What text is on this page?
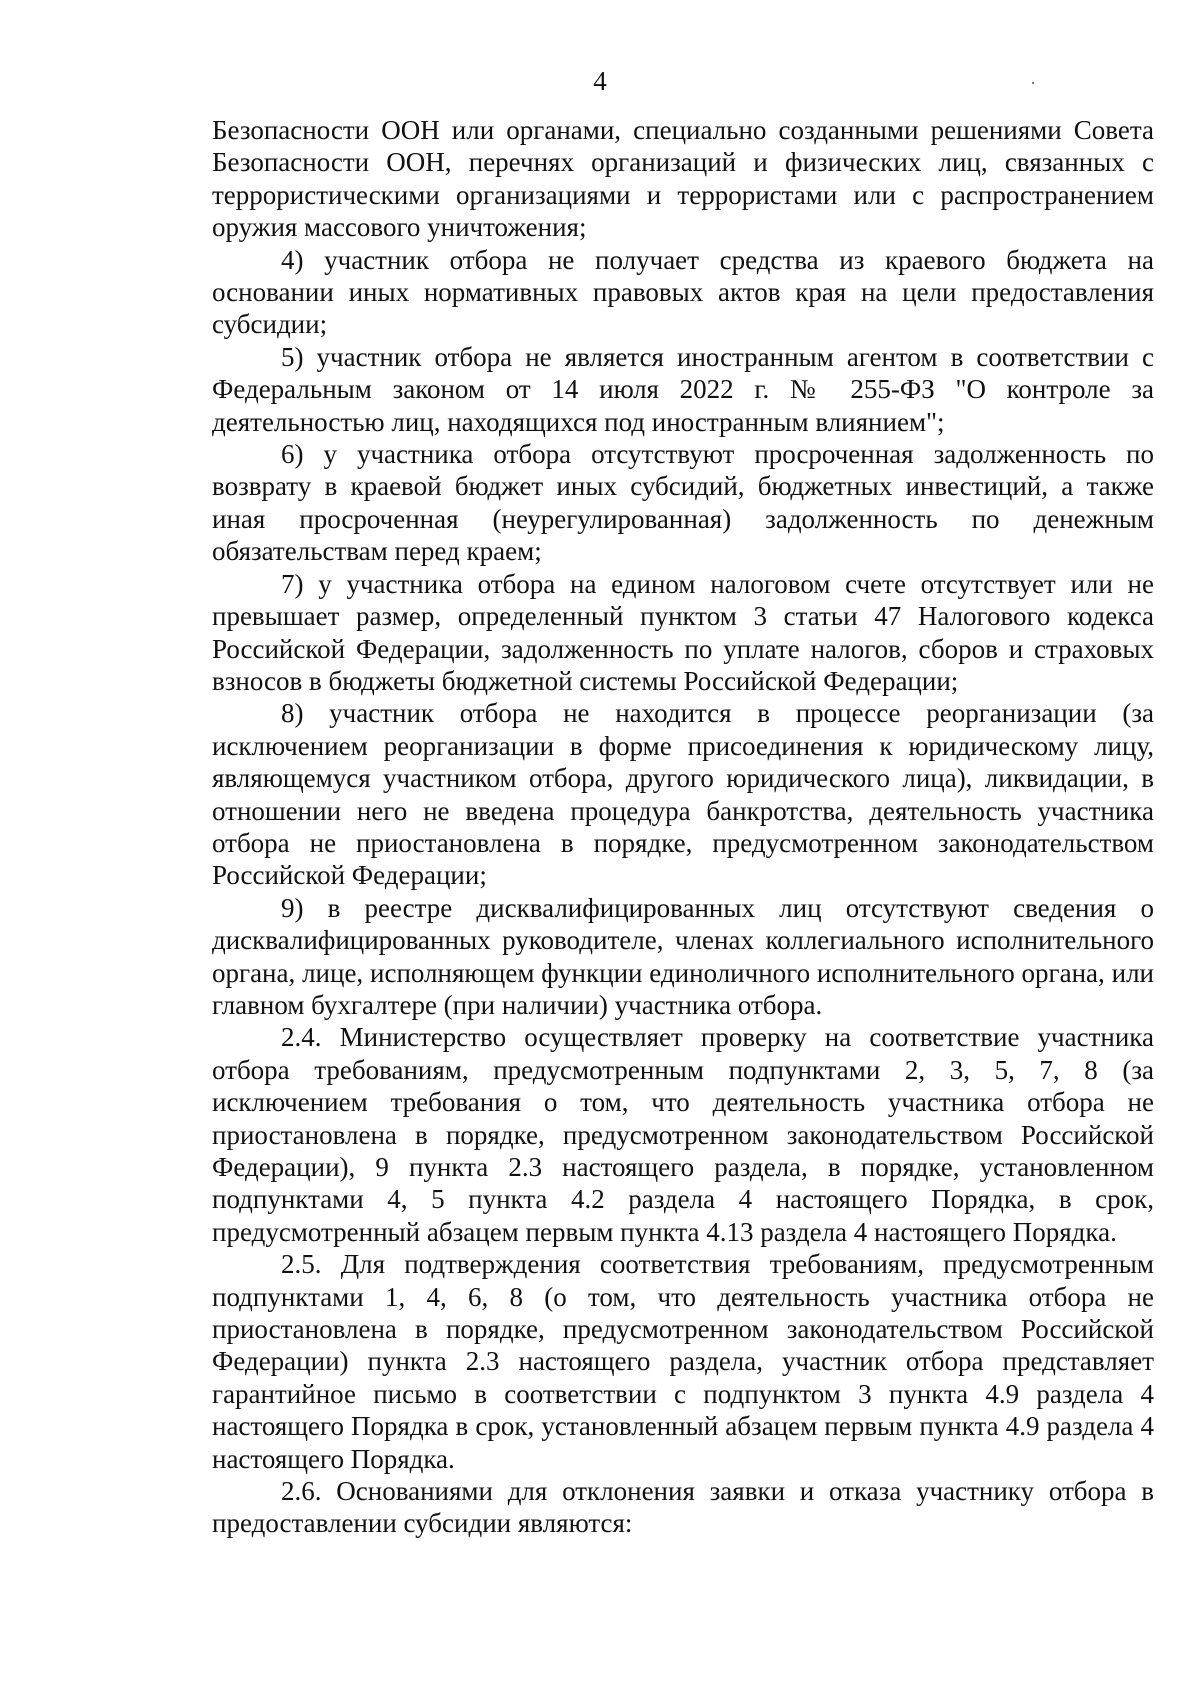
4

Безопасности ООН или органами, специально созданными решениями Совета Безопасности ООН, перечнях организаций и физических лиц, связанных с террористическими организациями и террористами или с распространением оружия массового уничтожения;

4) участник отбора не получает средства из краевого бюджета на основании иных нормативных правовых актов края на цели предоставления субсидии;

5) участник отбора не является иностранным агентом в соответствии с Федеральным законом от 14 июля 2022 г. № 255-ФЗ "О контроле за деятельностью лиц, находящихся под иностранным влиянием";

6) у участника отбора отсутствуют просроченная задолженность по возврату в краевой бюджет иных субсидий, бюджетных инвестиций, а также иная просроченная (неурегулированная) задолженность по денежным обязательствам перед краем;

7) у участника отбора на едином налоговом счете отсутствует или не превышает размер, определенный пунктом 3 статьи 47 Налогового кодекса Российской Федерации, задолженность по уплате налогов, сборов и страховых взносов в бюджеты бюджетной системы Российской Федерации;

8) участник отбора не находится в процессе реорганизации (за исключением реорганизации в форме присоединения к юридическому лицу, являющемуся участником отбора, другого юридического лица), ликвидации, в отношении него не введена процедура банкротства, деятельность участника отбора не приостановлена в порядке, предусмотренном законодательством Российской Федерации;

9) в реестре дисквалифицированных лиц отсутствуют сведения о дисквалифицированных руководителе, членах коллегиального исполнительного органа, лице, исполняющем функции единоличного исполнительного органа, или главном бухгалтере (при наличии) участника отбора.

2.4. Министерство осуществляет проверку на соответствие участника отбора требованиям, предусмотренным подпунктами 2, 3, 5, 7, 8 (за исключением требования о том, что деятельность участника отбора не приостановлена в порядке, предусмотренном законодательством Российской Федерации), 9 пункта 2.3 настоящего раздела, в порядке, установленном подпунктами 4, 5 пункта 4.2 раздела 4 настоящего Порядка, в срок, предусмотренный абзацем первым пункта 4.13 раздела 4 настоящего Порядка.

2.5. Для подтверждения соответствия требованиям, предусмотренным подпунктами 1, 4, 6, 8 (о том, что деятельность участника отбора не приостановлена в порядке, предусмотренном законодательством Российской Федерации) пункта 2.3 настоящего раздела, участник отбора представляет гарантийное письмо в соответствии с подпунктом 3 пункта 4.9 раздела 4 настоящего Порядка в срок, установленный абзацем первым пункта 4.9 раздела 4 настоящего Порядка.

2.6. Основаниями для отклонения заявки и отказа участнику отбора в предоставлении субсидии являются:
